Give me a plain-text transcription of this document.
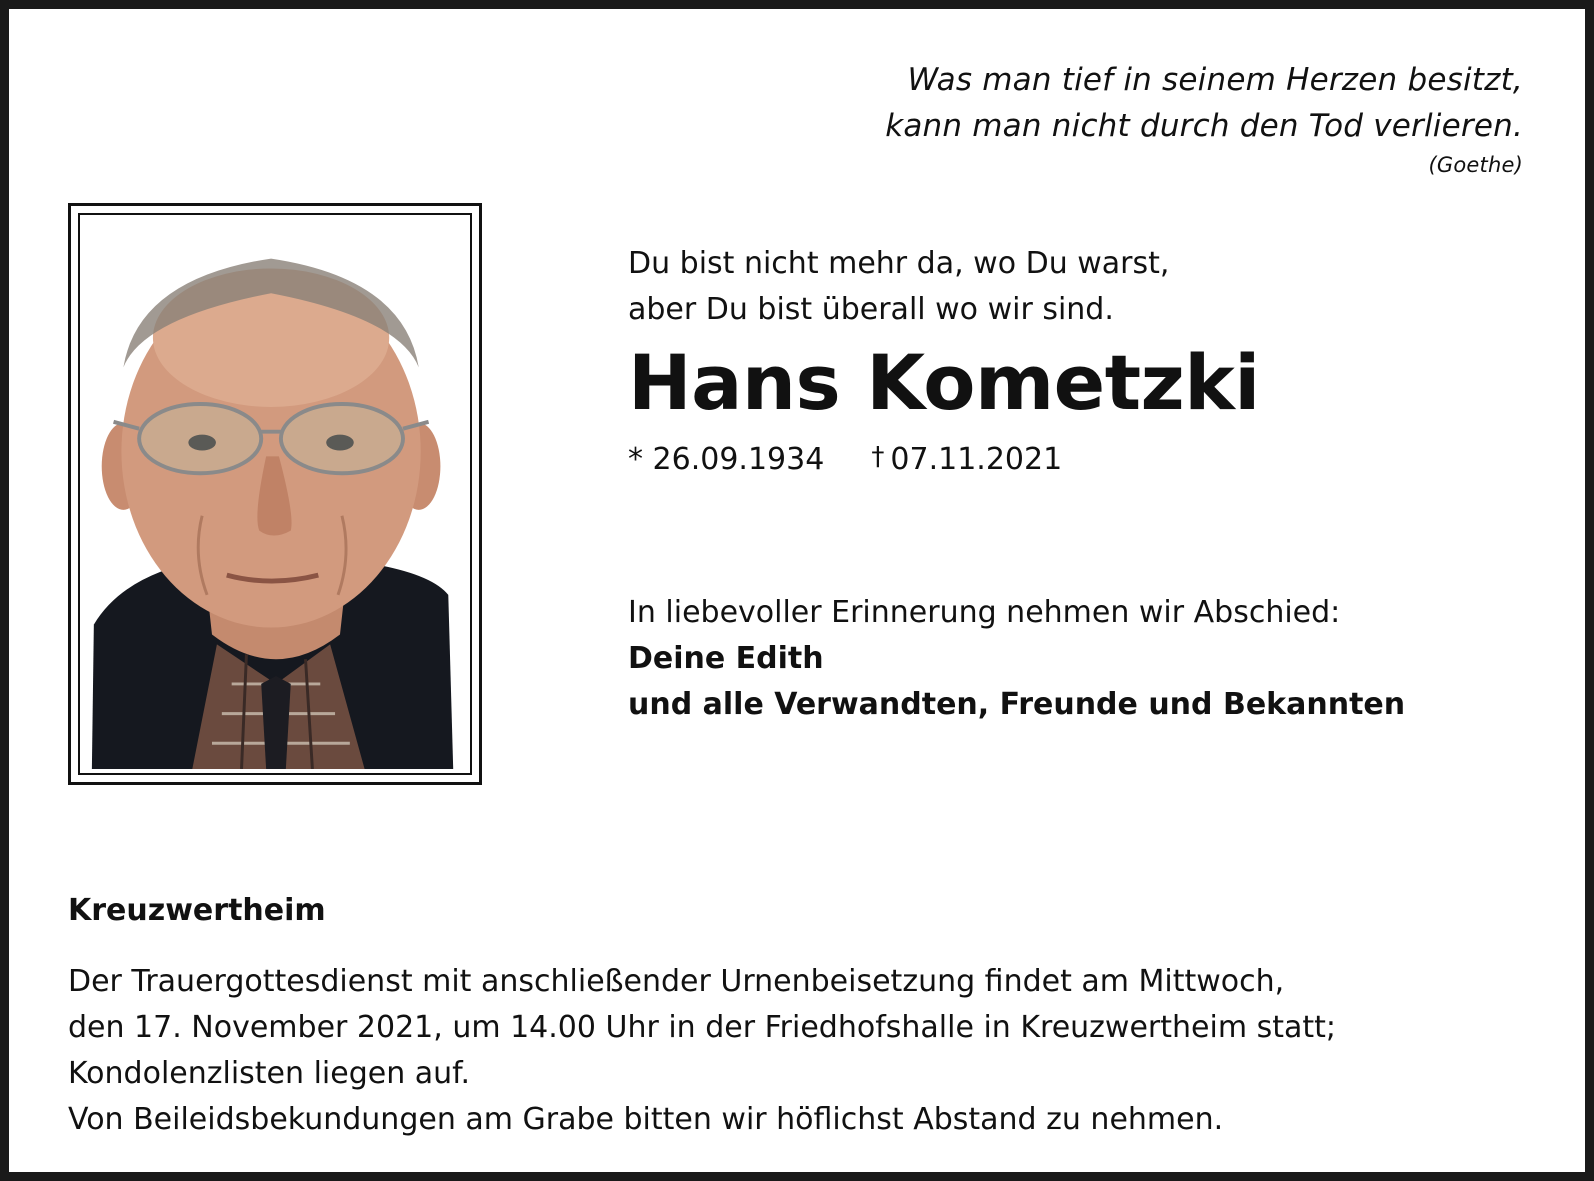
Was man tief in seinem Herzen besitzt,
kann man nicht durch den Tod verlieren.
(Goethe)
Du bist nicht mehr da, wo Du warst,
aber Du bist überall wo wir sind.
Hans Kometzki
* 26.09.1934 † 07.11.2021
In liebevoller Erinnerung nehmen wir Abschied:
Deine Edith
und alle Verwandten, Freunde und Bekannten
Kreuzwertheim
Der Trauergottesdienst mit anschließender Urnenbeisetzung findet am Mittwoch,
den 17. November 2021, um 14.00 Uhr in der Friedhofshalle in Kreuzwertheim statt;
Kondolenzlisten liegen auf.
Von Beileidsbekundungen am Grabe bitten wir höflichst Abstand zu nehmen.
